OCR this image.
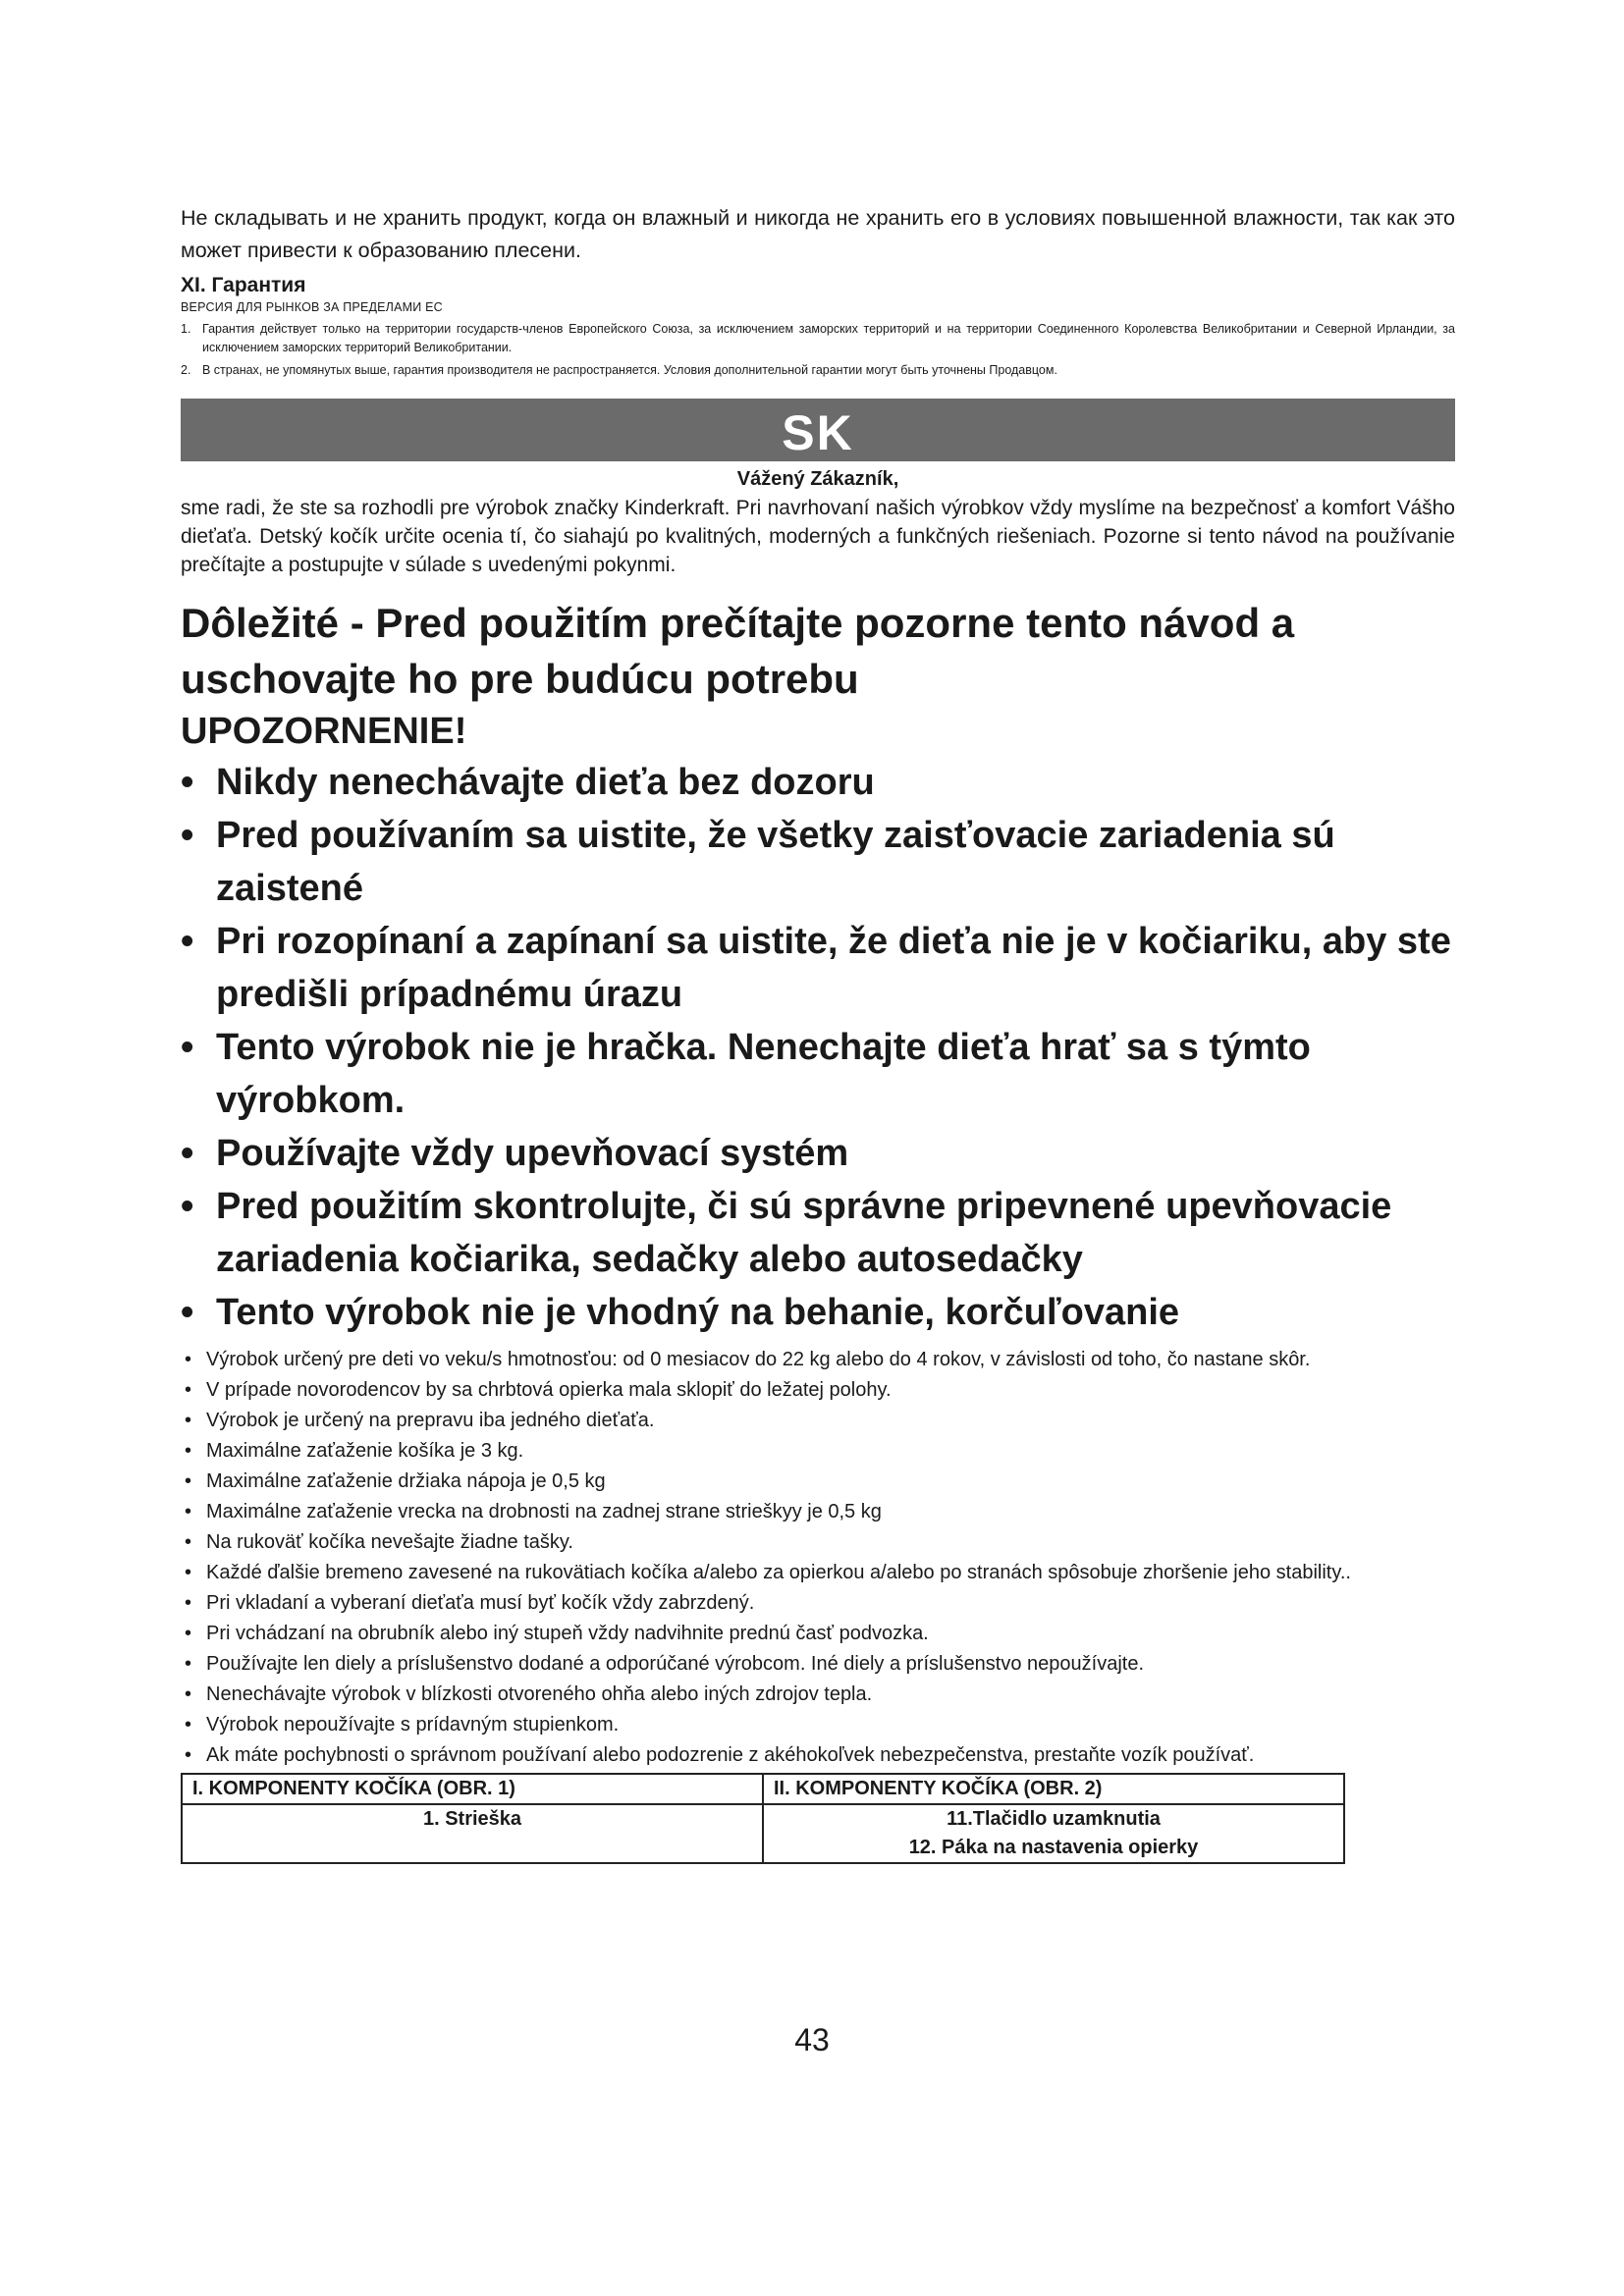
Не складывать и не хранить продукт, когда он влажный и никогда не хранить его в условиях повышенной влажности, так как это может привести к образованию плесени.

XI. Гарантия

ВЕРСИЯ ДЛЯ РЫНКОВ ЗА ПРЕДЕЛАМИ ЕС

1. Гарантия действует только на территории государств-членов Европейского Союза, за исключением заморских территорий и на территории Соединенного Королевства Великобритании и Северной Ирландии, за исключением заморских территорий Великобритании.
2. В странах, не упомянутых выше, гарантия производителя не распространяется. Условия дополнительной гарантии могут быть уточнены Продавцом.
SK

Vážený Zákazník,

sme radi, že ste sa rozhodli pre výrobok značky Kinderkraft. Pri navrhovaní našich výrobkov vždy myslíme na bezpečnosť a komfort Vášho dieťaťa. Detský kočík určite ocenia tí, čo siahajú po kvalitných, moderných a funkčných riešeniach. Pozorne si tento návod na používanie prečítajte a postupujte v súlade s uvedenými pokynmi.

Dôležité - Pred použitím prečítajte pozorne tento návod a uschovajte ho pre budúcu potrebu

UPOZORNENIE!

• Nikdy nenechávajte dieťa bez dozoru
• Pred používaním sa uistite, že všetky zaisťovacie zariadenia sú zaistené
• Pri rozopínaní a zapínaní sa uistite, že dieťa nie je v kočiariku, aby ste predišli prípadnému úrazu
• Tento výrobok nie je hračka. Nenechajte dieťa hrať sa s týmto výrobkom.
• Používajte vždy upevňovací systém
• Pred použitím skontrolujte, či sú správne pripevnené upevňovacie zariadenia kočiarika, sedačky alebo autosedačky
• Tento výrobok nie je vhodný na behanie, korčuľovanie
• Výrobok určený pre deti vo veku/s hmotnosťou: od 0 mesiacov do 22 kg alebo do 4 rokov, v závislosti od toho, čo nastane skôr.
• V prípade novorodencov by sa chrbtová opierka mala sklopiť do ležatej polohy.
• Výrobok je určený na prepravu iba jedného dieťaťa.
• Maximálne zaťaženie košíka je 3 kg.
• Maximálne zaťaženie držiaka nápoja je 0,5 kg
• Maximálne zaťaženie vrecka na drobnosti na zadnej strane strieškyy je 0,5 kg
• Na rukoväť kočíka nevešajte žiadne tašky.
• Každé ďalšie bremeno zavesené na rukovätiach kočíka a/alebo za opierkou a/alebo po stranách spôsobuje zhoršenie jeho stability..
• Pri vkladaní a vyberaní dieťaťa musí byť kočík vždy zabrzdený.
• Pri vchádzaní na obrubník alebo iný stupeň vždy nadvihnite prednú časť podvozka.
• Používajte len diely a príslušenstvo dodané a odporúčané výrobcom. Iné diely a príslušenstvo nepoužívajte.
• Nenechávajte výrobok v blízkosti otvoreného ohňa alebo iných zdrojov tepla.
• Výrobok nepoužívajte s prídavným stupienkom.
• Ak máte pochybnosti o správnom používaní alebo podozrenie z akéhokoľvek nebezpečenstva, prestaňte vozík používať.
I. KOMPONENTY KOČÍKA (OBR. 1)	II. KOMPONENTY KOČÍKA (OBR. 2)

1. Strieška	11.Tlačidlo uzamknutia
12. Páka na nastavenia opierky
43
